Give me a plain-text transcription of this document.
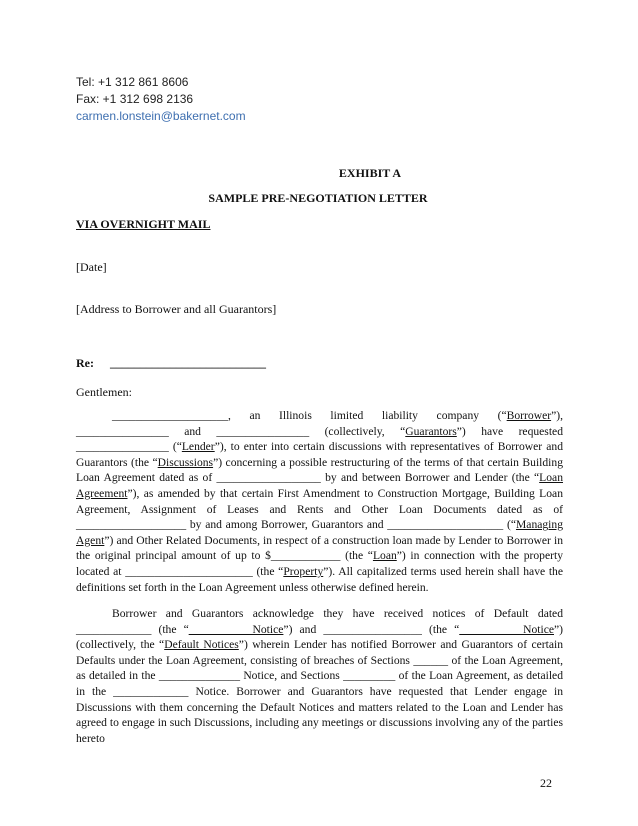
Tel: +1 312 861 8606
Fax: +1 312 698 2136
carmen.lonstein@bakernet.com
EXHIBIT A
SAMPLE PRE-NEGOTIATION LETTER
VIA OVERNIGHT MAIL
[Date]
[Address to Borrower and all Guarantors]
Re: __________________________
Gentlemen:
____________________, an Illinois limited liability company (“Borrower”), ________________ and ________________ (collectively, “Guarantors”) have requested ________________ (“Lender”), to enter into certain discussions with representatives of Borrower and Guarantors (the “Discussions”) concerning a possible restructuring of the terms of that certain Building Loan Agreement dated as of __________________ by and between Borrower and Lender (the “Loan Agreement”), as amended by that certain First Amendment to Construction Mortgage, Building Loan Agreement, Assignment of Leases and Rents and Other Loan Documents dated as of ___________________ by and among Borrower, Guarantors and ____________________ (“Managing Agent”) and Other Related Documents, in respect of a construction loan made by Lender to Borrower in the original principal amount of up to $____________ (the “Loan”) in connection with the property located at ______________________ (the “Property”). All capitalized terms used herein shall have the definitions set forth in the Loan Agreement unless otherwise defined herein.
Borrower and Guarantors acknowledge they have received notices of Default dated _____________ (the “___________Notice”) and _________________ (the “___________Notice”) (collectively, the “Default Notices”) wherein Lender has notified Borrower and Guarantors of certain Defaults under the Loan Agreement, consisting of breaches of Sections ______ of the Loan Agreement, as detailed in the ______________ Notice, and Sections _________ of the Loan Agreement, as detailed in the _____________ Notice. Borrower and Guarantors have requested that Lender engage in Discussions with them concerning the Default Notices and matters related to the Loan and Lender has agreed to engage in such Discussions, including any meetings or discussions involving any of the parties hereto
22
